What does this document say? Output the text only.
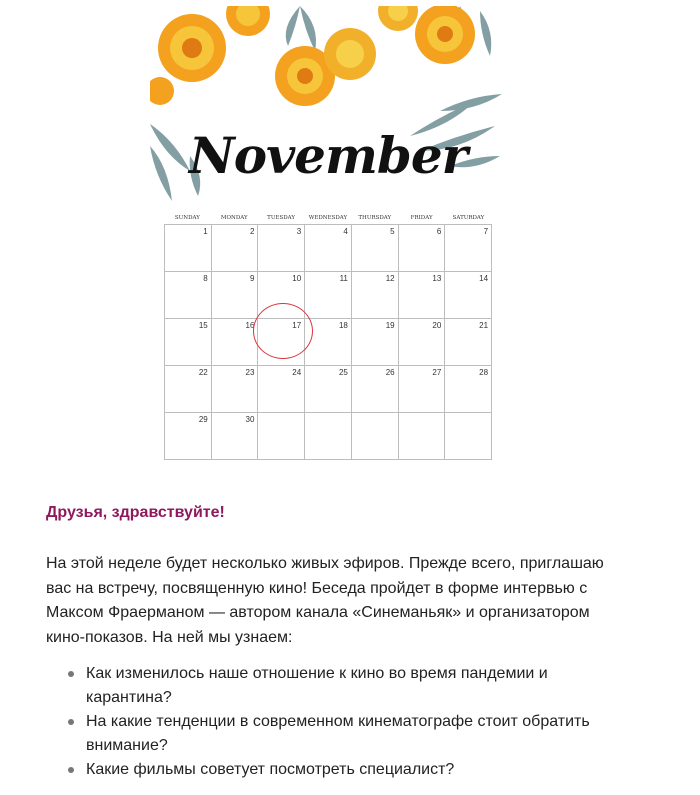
November
SUNDAY	MONDAY	TUESDAY	WEDNESDAY	THURSDAY	FRIDAY	SATURDAY
1	2	3	4	5	6	7
8	9	10	11	12	13	14
15	16	17	18	19	20	21
22	23	24	25	26	27	28
29	30
Друзья, здравствуйте!

На этой неделе будет несколько живых эфиров. Прежде всего, приглашаю вас на встречу, посвященную кино! Беседа пройдет в форме интервью с Максом Фраерманом — автором канала «Синеманьяк» и организатором кино-показов. На ней мы узнаем:

Как изменилось наше отношение к кино во время пандемии и карантина?
На какие тенденции в современном кинематографе стоит обратить внимание?
Какие фильмы советует посмотреть специалист?
